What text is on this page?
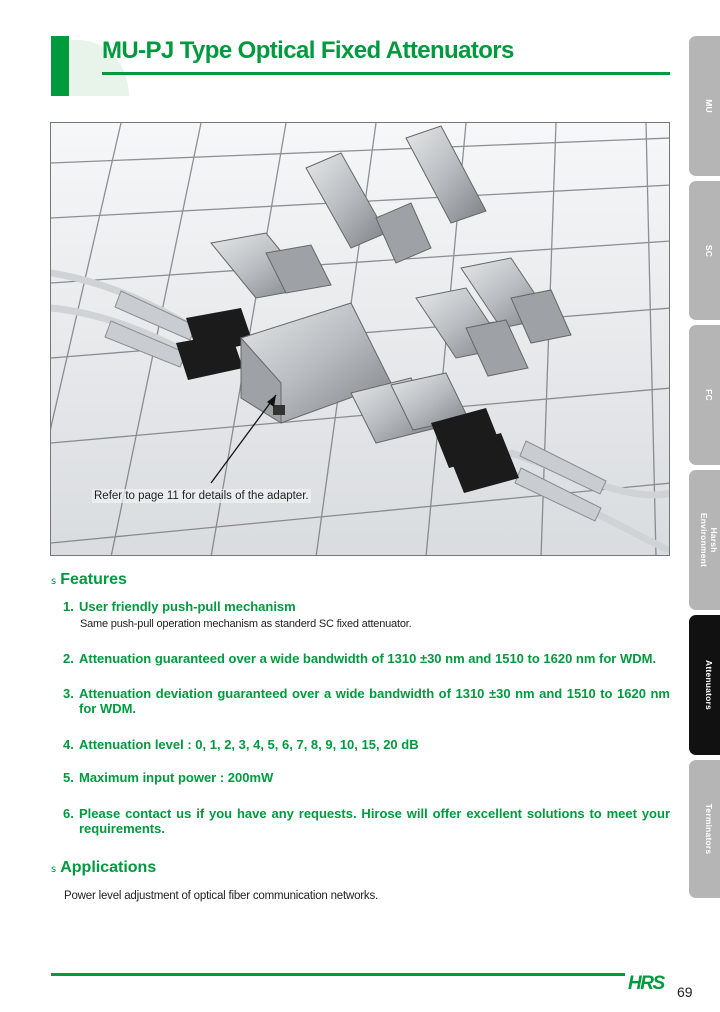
MU-PJ Type Optical Fixed Attenuators
MU
SC
FC
Harsh
Environment
Attenuators
Terminators
Refer to page 11 for details of the adapter.
s Features
1. User friendly push-pull mechanism
Same push-pull operation mechanism as standerd SC fixed attenuator.
2. Attenuation guaranteed over a wide bandwidth of 1310 ±30 nm and 1510 to 1620 nm for WDM.
3. Attenuation deviation guaranteed over a wide bandwidth of 1310 ±30 nm and 1510 to 1620 nm for WDM.
4. Attenuation level : 0, 1, 2, 3, 4, 5, 6, 7, 8, 9, 10, 15, 20 dB
5. Maximum input power : 200mW
6. Please contact us if you have any requests. Hirose will offer excellent solutions to meet your requirements.
s Applications
Power level adjustment of optical fiber communication networks.
HRS 69
